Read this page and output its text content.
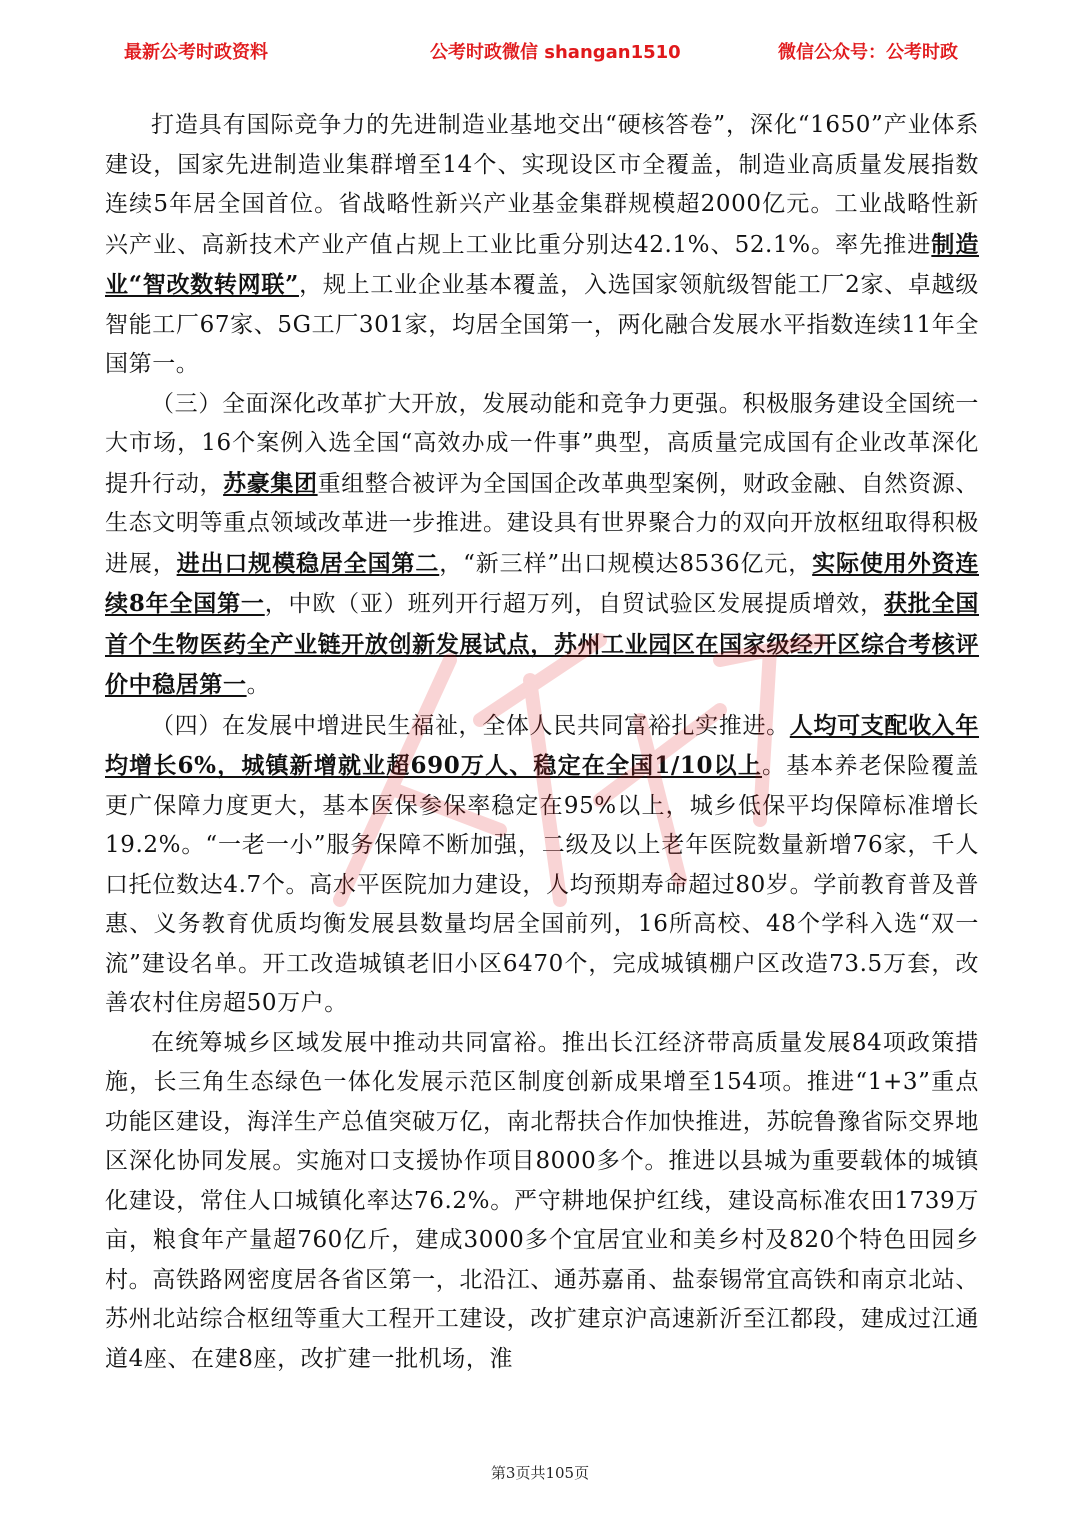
最新公考时政资料	公考时政微信 shangan1510	微信公众号：公考时政

打造具有国际竞争力的先进制造业基地交出“硬核答卷”，深化“1650”产业体系建设，国家先进制造业集群增至14个、实现设区市全覆盖，制造业高质量发展指数连续5年居全国首位。省战略性新兴产业基金集群规模超2000亿元。工业战略性新兴产业、高新技术产业产值占规上工业比重分别达42.1%、52.1%。率先推进制造业“智改数转网联”，规上工业企业基本覆盖，入选国家领航级智能工厂2家、卓越级智能工厂67家、5G工厂301家，均居全国第一，两化融合发展水平指数连续11年全国第一。

（三）全面深化改革扩大开放，发展动能和竞争力更强。积极服务建设全国统一大市场，16个案例入选全国“高效办成一件事”典型，高质量完成国有企业改革深化提升行动，苏豪集团重组整合被评为全国国企改革典型案例，财政金融、自然资源、生态文明等重点领域改革进一步推进。建设具有世界聚合力的双向开放枢纽取得积极进展，进出口规模稳居全国第二，“新三样”出口规模达8536亿元，实际使用外资连续8年全国第一，中欧（亚）班列开行超万列，自贸试验区发展提质增效，获批全国首个生物医药全产业链开放创新发展试点，苏州工业园区在国家级经开区综合考核评价中稳居第一。

（四）在发展中增进民生福祉，全体人民共同富裕扎实推进。人均可支配收入年均增长6%，城镇新增就业超690万人、稳定在全国1/10以上。基本养老保险覆盖更广保障力度更大，基本医保参保率稳定在95%以上，城乡低保平均保障标准增长19.2%。“一老一小”服务保障不断加强，二级及以上老年医院数量新增76家，千人口托位数达4.7个。高水平医院加力建设，人均预期寿命超过80岁。学前教育普及普惠、义务教育优质均衡发展县数量均居全国前列，16所高校、48个学科入选“双一流”建设名单。开工改造城镇老旧小区6470个，完成城镇棚户区改造73.5万套，改善农村住房超50万户。

在统筹城乡区域发展中推动共同富裕。推出长江经济带高质量发展84项政策措施，长三角生态绿色一体化发展示范区制度创新成果增至154项。推进“1+3”重点功能区建设，海洋生产总值突破万亿，南北帮扶合作加快推进，苏皖鲁豫省际交界地区深化协同发展。实施对口支援协作项目8000多个。推进以县城为重要载体的城镇化建设，常住人口城镇化率达76.2%。严守耕地保护红线，建设高标准农田1739万亩，粮食年产量超760亿斤，建成3000多个宜居宜业和美乡村及820个特色田园乡村。高铁路网密度居各省区第一，北沿江、通苏嘉甬、盐泰锡常宜高铁和南京北站、苏州北站综合枢纽等重大工程开工建设，改扩建京沪高速新沂至江都段，建成过江通道4座、在建8座，改扩建一批机场，淮

第3页共105页
